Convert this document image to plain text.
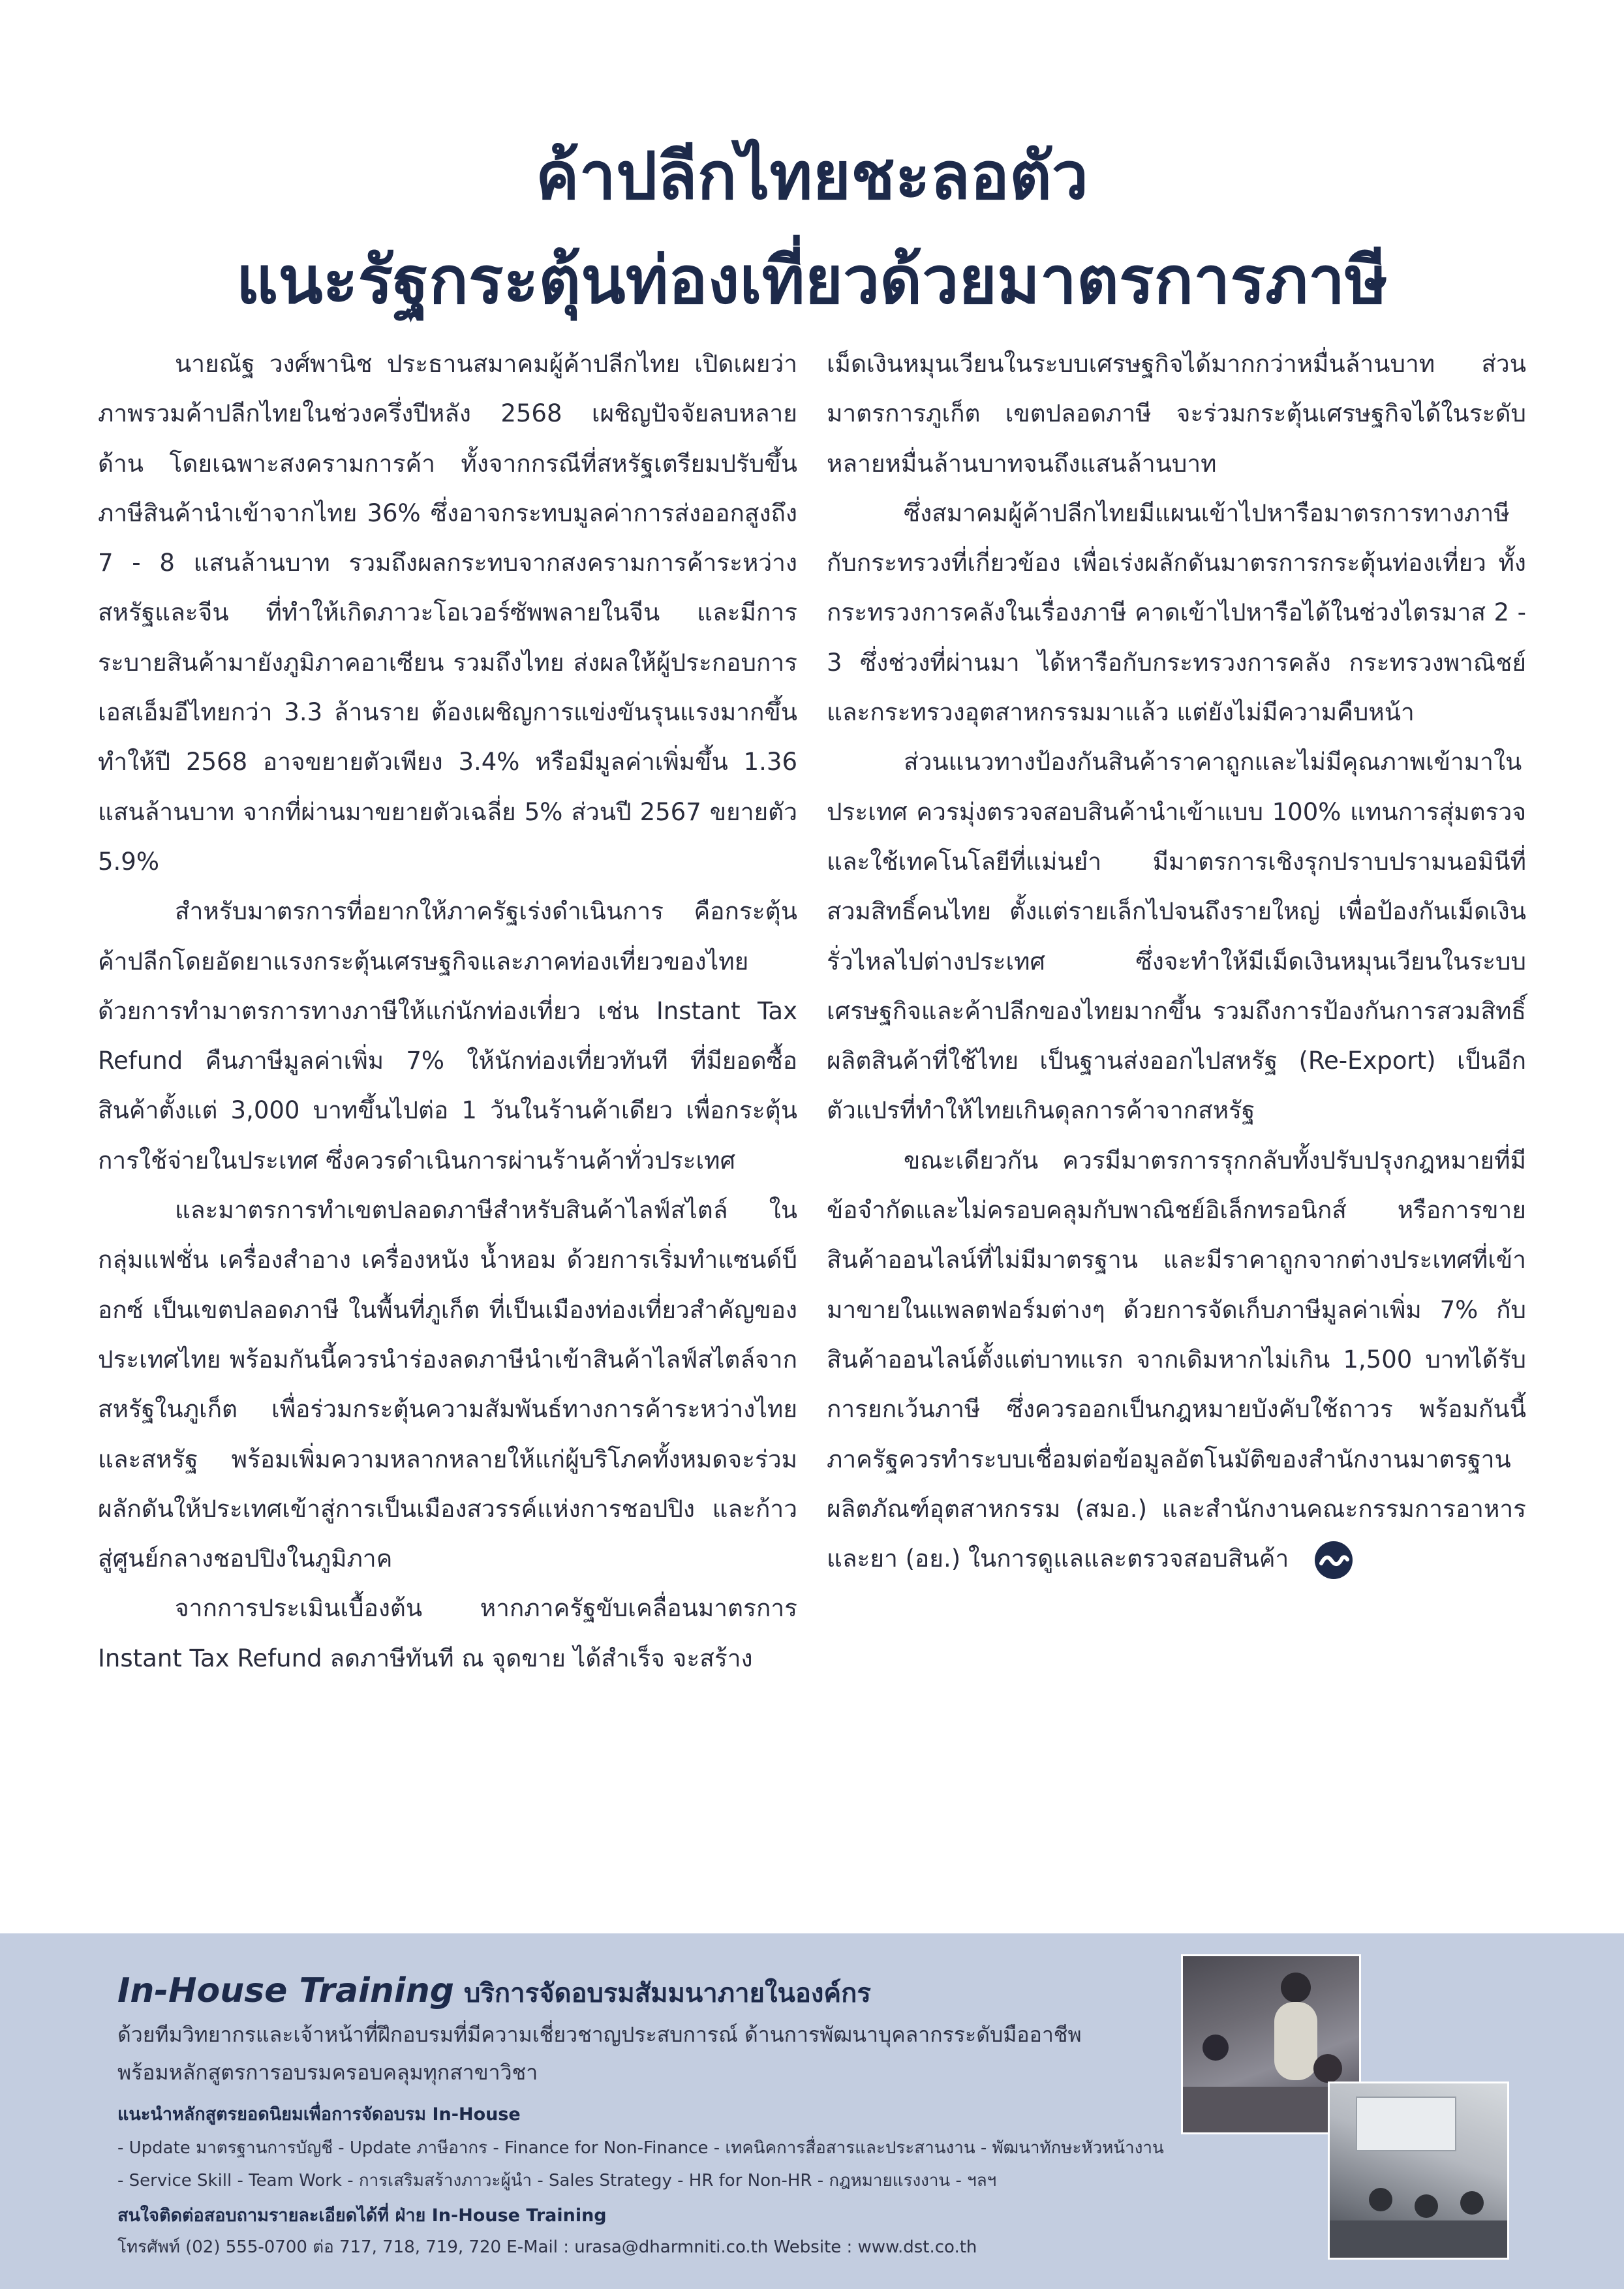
ค้าปลีกไทยชะลอตัว
แนะรัฐกระตุ้นท่องเที่ยวด้วยมาตรการภาษี

นายณัฐ วงศ์พานิช ประธานสมาคมผู้ค้าปลีกไทย เปิดเผยว่า ภาพรวมค้าปลีกไทยในช่วงครึ่งปีหลัง 2568 เผชิญปัจจัยลบหลายด้าน โดยเฉพาะสงครามการค้า ทั้งจากกรณีที่สหรัฐเตรียมปรับขึ้นภาษีสินค้านำเข้าจากไทย 36% ซึ่งอาจกระทบมูลค่าการส่งออกสูงถึง 7 - 8 แสนล้านบาท รวมถึงผลกระทบจากสงครามการค้าระหว่างสหรัฐและจีน ที่ทำให้เกิดภาวะโอเวอร์ซัพพลายในจีน และมีการระบายสินค้ามายังภูมิภาคอาเซียน รวมถึงไทย ส่งผลให้ผู้ประกอบการเอสเอ็มอีไทยกว่า 3.3 ล้านราย ต้องเผชิญการแข่งขันรุนแรงมากขึ้น ทำให้ปี 2568 อาจขยายตัวเพียง 3.4% หรือมีมูลค่าเพิ่มขึ้น 1.36 แสนล้านบาท จากที่ผ่านมาขยายตัวเฉลี่ย 5% ส่วนปี 2567 ขยายตัว 5.9%

สำหรับมาตรการที่อยากให้ภาครัฐเร่งดำเนินการ คือกระตุ้นค้าปลีกโดยอัดยาแรงกระตุ้นเศรษฐกิจและภาคท่องเที่ยวของไทย ด้วยการทำมาตรการทางภาษีให้แก่นักท่องเที่ยว เช่น Instant Tax Refund คืนภาษีมูลค่าเพิ่ม 7% ให้นักท่องเที่ยวทันที ที่มียอดซื้อสินค้าตั้งแต่ 3,000 บาทขึ้นไปต่อ 1 วันในร้านค้าเดียว เพื่อกระตุ้นการใช้จ่ายในประเทศ ซึ่งควรดำเนินการผ่านร้านค้าทั่วประเทศ

และมาตรการทำเขตปลอดภาษีสำหรับสินค้าไลฟ์สไตล์ ในกลุ่มแฟชั่น เครื่องสำอาง เครื่องหนัง น้ำหอม ด้วยการเริ่มทำแซนด์บ็อกซ์ เป็นเขตปลอดภาษี ในพื้นที่ภูเก็ต ที่เป็นเมืองท่องเที่ยวสำคัญของประเทศไทย พร้อมกันนี้ควรนำร่องลดภาษีนำเข้าสินค้าไลฟ์สไตล์จากสหรัฐในภูเก็ต เพื่อร่วมกระตุ้นความสัมพันธ์ทางการค้าระหว่างไทยและสหรัฐ พร้อมเพิ่มความหลากหลายให้แก่ผู้บริโภคทั้งหมดจะร่วมผลักดันให้ประเทศเข้าสู่การเป็นเมืองสวรรค์แห่งการชอปปิง และก้าวสู่ศูนย์กลางชอปปิงในภูมิภาค

จากการประเมินเบื้องต้น หากภาครัฐขับเคลื่อนมาตรการ Instant Tax Refund ลดภาษีทันที ณ จุดขาย ได้สำเร็จ จะสร้าง

เม็ดเงินหมุนเวียนในระบบเศรษฐกิจได้มากกว่าหมื่นล้านบาท ส่วนมาตรการภูเก็ต เขตปลอดภาษี จะร่วมกระตุ้นเศรษฐกิจได้ในระดับหลายหมื่นล้านบาทจนถึงแสนล้านบาท

ซึ่งสมาคมผู้ค้าปลีกไทยมีแผนเข้าไปหารือมาตรการทางภาษีกับกระทรวงที่เกี่ยวข้อง เพื่อเร่งผลักดันมาตรการกระตุ้นท่องเที่ยว ทั้งกระทรวงการคลังในเรื่องภาษี คาดเข้าไปหารือได้ในช่วงไตรมาส 2 - 3 ซึ่งช่วงที่ผ่านมา ได้หารือกับกระทรวงการคลัง กระทรวงพาณิชย์ และกระทรวงอุตสาหกรรมมาแล้ว แต่ยังไม่มีความคืบหน้า

ส่วนแนวทางป้องกันสินค้าราคาถูกและไม่มีคุณภาพเข้ามาในประเทศ ควรมุ่งตรวจสอบสินค้านำเข้าแบบ 100% แทนการสุ่มตรวจ และใช้เทคโนโลยีที่แม่นยำ มีมาตรการเชิงรุกปราบปรามนอมินีที่สวมสิทธิ์คนไทย ตั้งแต่รายเล็กไปจนถึงรายใหญ่ เพื่อป้องกันเม็ดเงินรั่วไหลไปต่างประเทศ ซึ่งจะทำให้มีเม็ดเงินหมุนเวียนในระบบเศรษฐกิจและค้าปลีกของไทยมากขึ้น รวมถึงการป้องกันการสวมสิทธิ์ผลิตสินค้าที่ใช้ไทย เป็นฐานส่งออกไปสหรัฐ (Re-Export) เป็นอีกตัวแปรที่ทำให้ไทยเกินดุลการค้าจากสหรัฐ

ขณะเดียวกัน ควรมีมาตรการรุกกลับทั้งปรับปรุงกฎหมายที่มีข้อจำกัดและไม่ครอบคลุมกับพาณิชย์อิเล็กทรอนิกส์ หรือการขายสินค้าออนไลน์ที่ไม่มีมาตรฐาน และมีราคาถูกจากต่างประเทศที่เข้ามาขายในแพลตฟอร์มต่างๆ ด้วยการจัดเก็บภาษีมูลค่าเพิ่ม 7% กับสินค้าออนไลน์ตั้งแต่บาทแรก จากเดิมหากไม่เกิน 1,500 บาทได้รับการยกเว้นภาษี ซึ่งควรออกเป็นกฎหมายบังคับใช้ถาวร พร้อมกันนี้ ภาครัฐควรทำระบบเชื่อมต่อข้อมูลอัตโนมัติของสำนักงานมาตรฐานผลิตภัณฑ์อุตสาหกรรม (สมอ.) และสำนักงานคณะกรรมการอาหารและยา (อย.) ในการดูแลและตรวจสอบสินค้า

In-House Training บริการจัดอบรมสัมมนาภายในองค์กร
ด้วยทีมวิทยากรและเจ้าหน้าที่ฝึกอบรมที่มีความเชี่ยวชาญประสบการณ์ ด้านการพัฒนาบุคลากรระดับมืออาชีพ
พร้อมหลักสูตรการอบรมครอบคลุมทุกสาขาวิชา
แนะนำหลักสูตรยอดนิยมเพื่อการจัดอบรม In-House
- Update มาตรฐานการบัญชี - Update ภาษีอากร - Finance for Non-Finance - เทคนิคการสื่อสารและประสานงาน - พัฒนาทักษะหัวหน้างาน
- Service Skill - Team Work - การเสริมสร้างภาวะผู้นำ - Sales Strategy - HR for Non-HR - กฎหมายแรงงาน - ฯลฯ
สนใจติดต่อสอบถามรายละเอียดได้ที่ ฝ่าย In-House Training
โทรศัพท์ (02) 555-0700 ต่อ 717, 718, 719, 720 E-Mail : urasa@dharmniti.co.th Website : www.dst.co.th
